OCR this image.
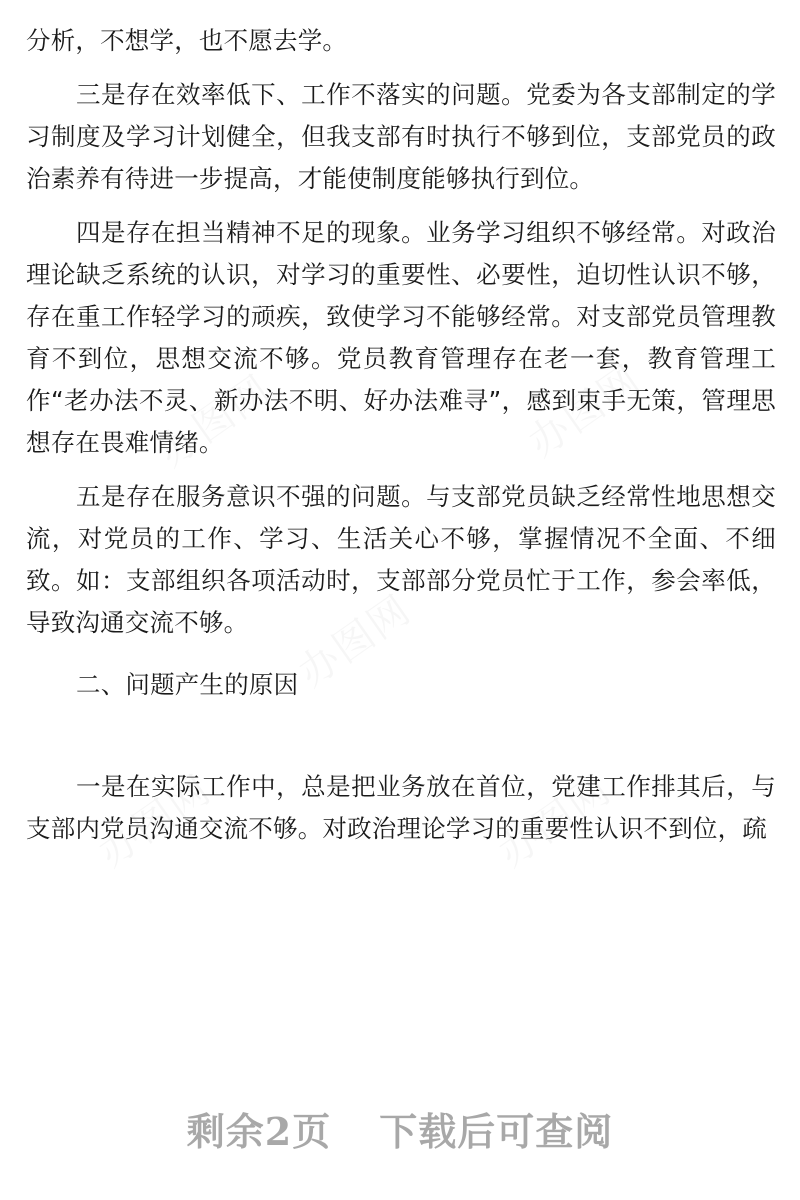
分析，不想学，也不愿去学。

三是存在效率低下、工作不落实的问题。党委为各支部制定的学习制度及学习计划健全，但我支部有时执行不够到位，支部党员的政治素养有待进一步提高，才能使制度能够执行到位。

四是存在担当精神不足的现象。业务学习组织不够经常。对政治理论缺乏系统的认识，对学习的重要性、必要性，迫切性认识不够，存在重工作轻学习的顽疾，致使学习不能够经常。对支部党员管理教育不到位，思想交流不够。党员教育管理存在老一套，教育管理工作“老办法不灵、新办法不明、好办法难寻”，感到束手无策，管理思想存在畏难情绪。

五是存在服务意识不强的问题。与支部党员缺乏经常性地思想交流，对党员的工作、学习、生活关心不够，掌握情况不全面、不细致。如：支部组织各项活动时，支部部分党员忙于工作，参会率低，导致沟通交流不够。

二、问题产生的原因

一是在实际工作中，总是把业务放在首位，党建工作排其后，与支部内党员沟通交流不够。对政治理论学习的重要性认识不到位，疏

剩余2页 下载后可查阅
